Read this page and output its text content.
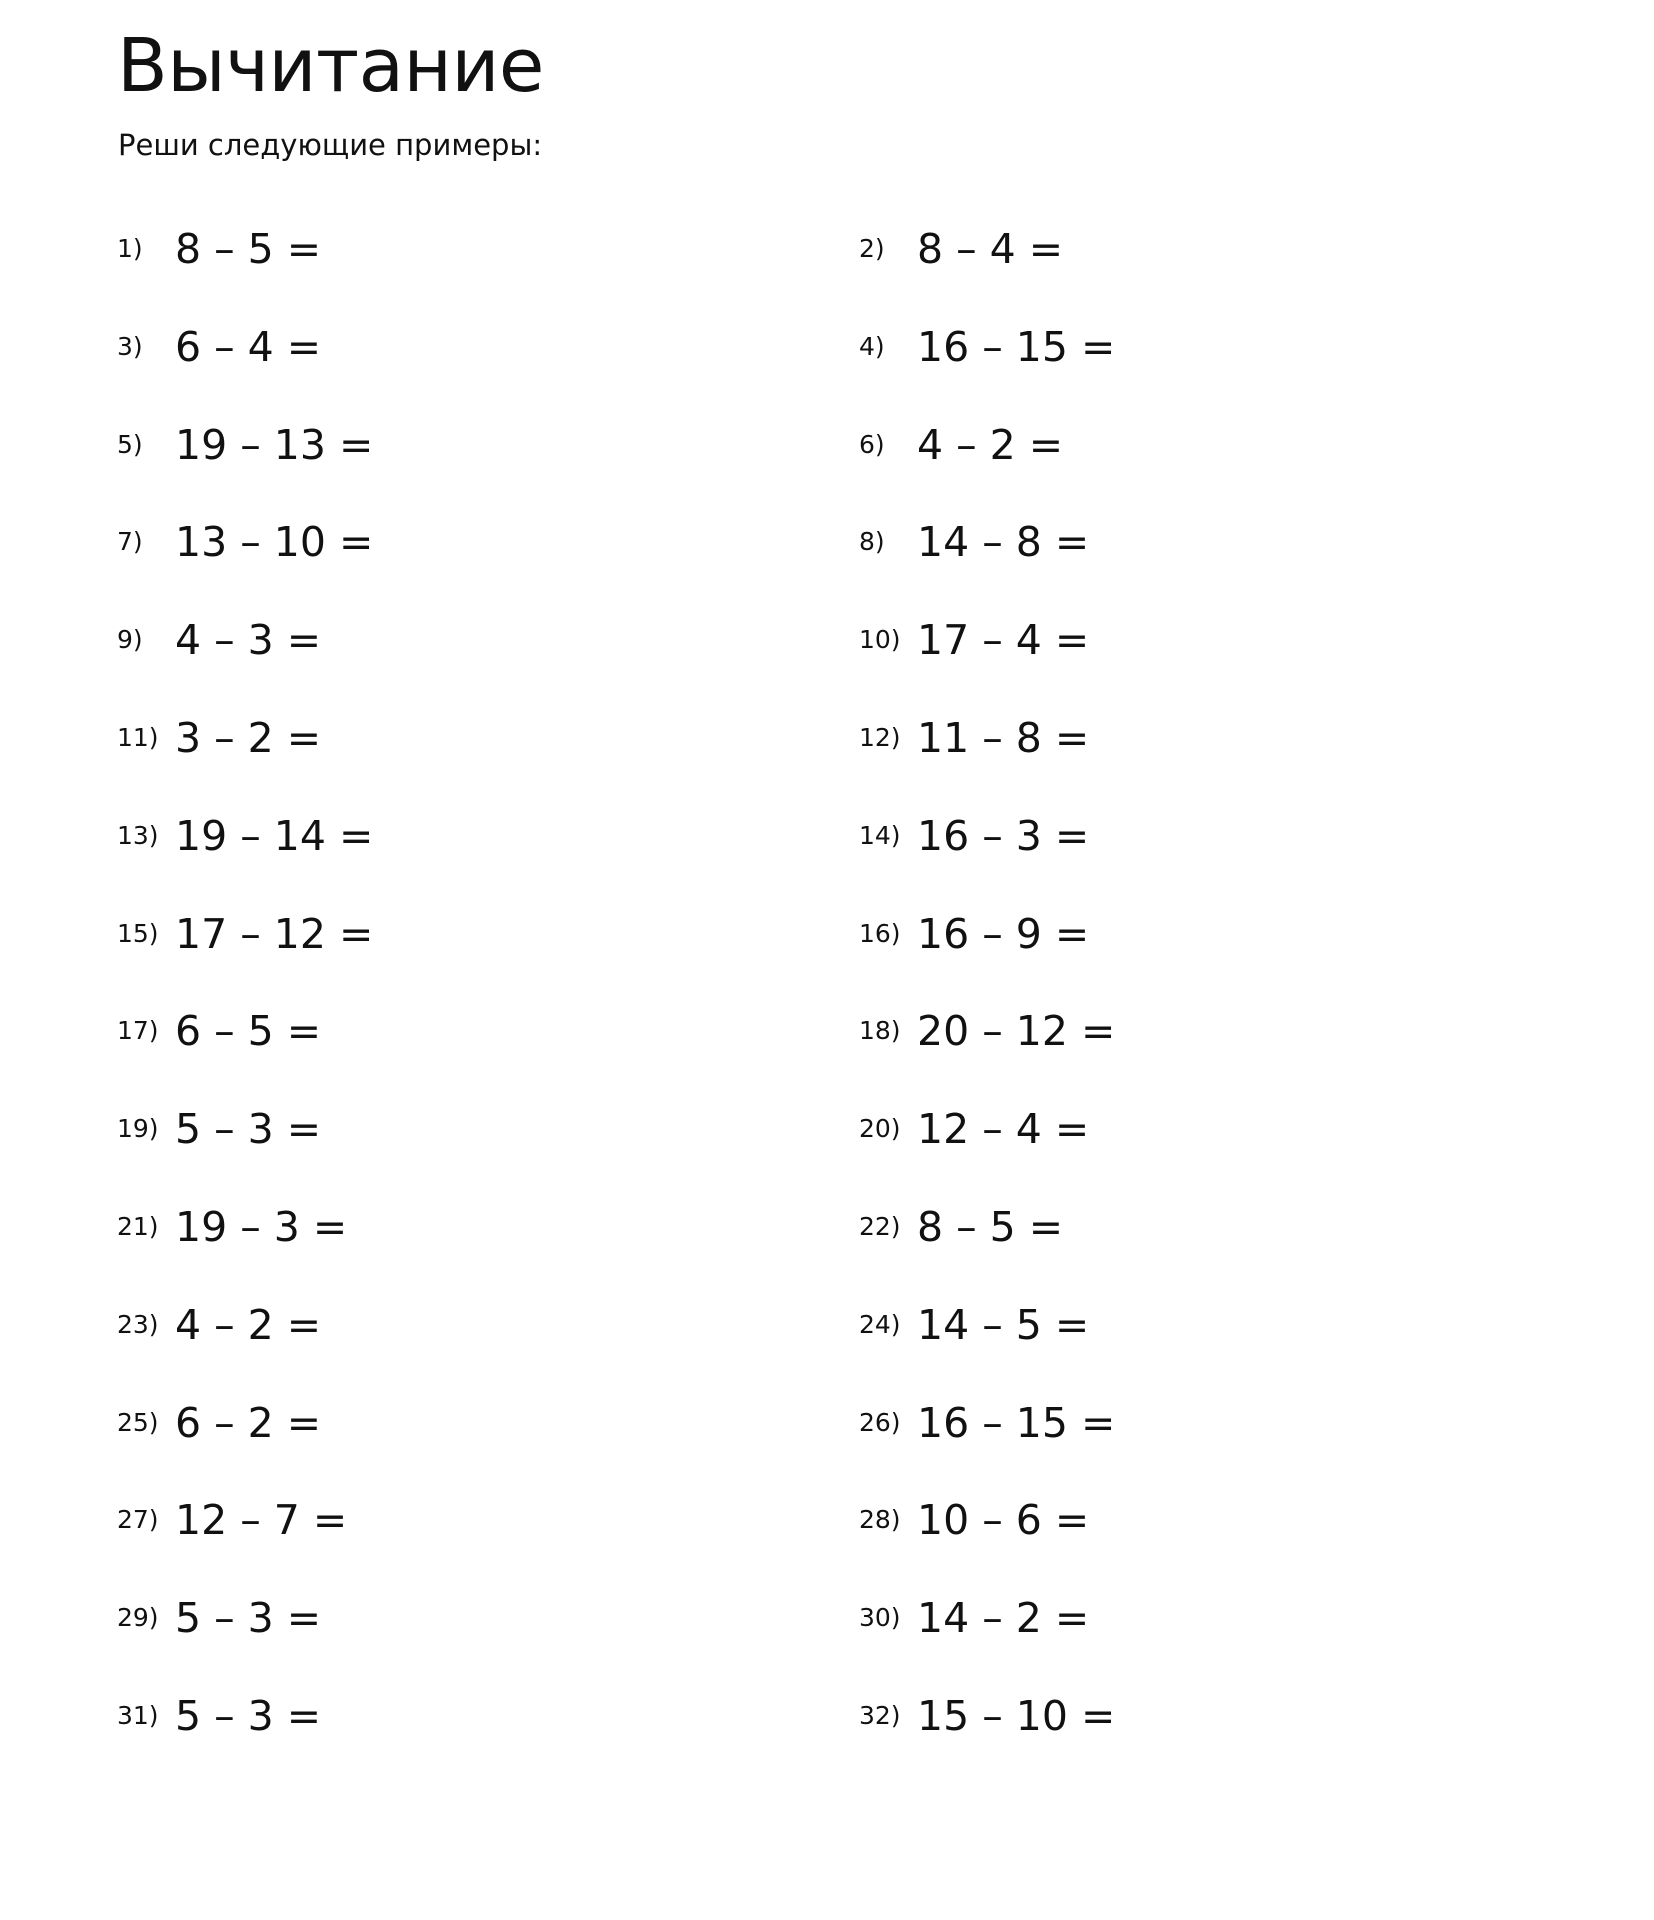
Вычитание

Реши следующие примеры:

1) 8 – 5 =	2) 8 – 4 =
3) 6 – 4 =	4) 16 – 15 =
5) 19 – 13 =	6) 4 – 2 =
7) 13 – 10 =	8) 14 – 8 =
9) 4 – 3 =	10) 17 – 4 =
11) 3 – 2 =	12) 11 – 8 =
13) 19 – 14 =	14) 16 – 3 =
15) 17 – 12 =	16) 16 – 9 =
17) 6 – 5 =	18) 20 – 12 =
19) 5 – 3 =	20) 12 – 4 =
21) 19 – 3 =	22) 8 – 5 =
23) 4 – 2 =	24) 14 – 5 =
25) 6 – 2 =	26) 16 – 15 =
27) 12 – 7 =	28) 10 – 6 =
29) 5 – 3 =	30) 14 – 2 =
31) 5 – 3 =	32) 15 – 10 =
